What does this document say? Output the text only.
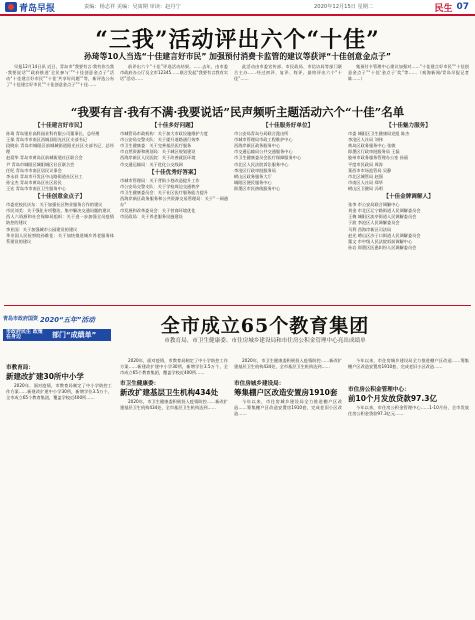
青岛早报	责编：杨志祥 美编：吴寓期 审读：赵丹宁	2020年12月15日 星期二	民生 07
“三我”活动评出六个“十佳”
孙琦等10人当选“十佳建言好市民” 加强预付消费卡监管的建议等获评“十佳创意金点子”

早报12月14日讯 近日，青岛市“我要有言·我有你当我·我要说话”“政府推进‘全民参与’”“十佳创意金点子”活动“十佳建言好市民”“十佳‘共享好问题’”等，新评选公布了“十佳建言好市民”“十佳创意金点子”“十佳……

前评出六个“十佳”评选活动结果。……去年，由市委市政府办公厅及全市12345……联合发起“我要有言我有实话”活动……

此活动由市委宣传部、市民政局、市信访局等部门联合主办……经过初评、复评、终评，最终评出六个“十佳”……

集预付卡管理中心建议加强对……“十佳建言好市民”“十佳创意金点子”“十佳‘金点子’奖”等……（观海新闻/青岛早报记者 陈……）

“我要有言·我有不满·我要说话”民声频听主题活动六个“十佳”名单
【十佳建言好市民】
孙琦 青岛银业高科园业科有限公司董事长、总经理
王保 青岛市市南区西城县阳光社区支部书记
段晓东 青岛市城阳区前城城街道阳光社区支部书记、总经理
赵爱华 青岛市黄岛区前城街道社区联合会
尹 青岛市城阳区城阳城区社区联合会
任纪 青岛市市南区居民议事会
李永祥 青岛市开发区中山路街道社区社工
孙宝杰 青岛市黄岛区社区居民
王宏 青岛市市南区卫生服务中心
【十佳创意金点子】
市委党校民庆东：关于加强社区物业服务合作的建议
市民刘美：关于强化专项整治，集中解决交通问题的建议
西人六资源和社会保障局组织：关于进一步加强全员疫情防控的建议
李业国：关于加强城市公园建设的建议
华业国人民检察院孙维佳：关于加快推进城乡养老服务体系建设的建议
【十佳多好问题】
市城管局市政机构：关于加大市政设施维护力度
市公安局交警支队：关于提升道路通行效率
市卫生健康委：关于完善基层医疗服务
市自然资源和规划局：关于城区规划建设
西海岸新区人民医院：关于改善就医环境
市交通运输局：关于优化公交线网
【十佳优秀好答案】
市城市管理局：关于背街小巷改造提升工作
市公安局交警支队：关于学校周边交通秩序
市卫生健康委员会：关于社区医疗服务能力提升
西海岸新区政务服务和公共资源交易管理局：关于“一网通办”
市发展和改革委员会：关于营商环境优化
市民政局：关于养老服务设施建设
【十佳服务好单位】
市公安局青岛分局联合派出所
市城市管理局市政工程维护中心
西海岸新区政务服务中心
市交通运输局公共交通服务中心
市卫生健康委员会医疗保障服务中心
市北区人民法院诉讼服务中心
李沧区行政审批服务局
崂山区政务服务大厅
城阳区便民服务中心
即墨区市民热线服务中心
【十佳魅力服务】
市委 城阳区卫生健康局党组 陈杰
李沧区人社局 刘伟
黄岛区政务服务中心 张敏
即墨区行政审批服务局 王磊
胶州市政务服务管理办公室 孙丽
平度市民政局 周涛
莱西市市场监管局 吴静
市北区城管局 赵强
市南区人社局 郑华
崂山区卫健局 冯明
【十佳金牌调解人】
张李 市公安局联合调解中心
刘金 市北区辽宁路街道人民调解委员会
王梅 城阳区流亭街道人民调解委员会
于波 李沧区人民调解委员会
马利 西海岸新区司法局
赵光 崂山区沙子口街道人民调解委员会
董文 市中级人民法院诉前调解中心
孙岩 即墨区医患纠纷人民调解委员会
青岛市政府国资 2020“五年”活动
市政府民生 政策在身边	部门“成绩单”	全市成立65个教育集团
市教育局、市卫生健康委、市住房城乡建设局和市住房公积金管理中心亮出成绩单
市教育局：
新建改扩建30所中小学

2020年，面对疫情，市教育局制定了中小学防控工作方案……新建改扩建中小学30所，新增学位3.5万个，全市成立65个教育集团，覆盖学校近400所……

2020年，面对疫情，市教育局制定了中小学防控工作方案……新建改扩建中小学30所，新增学位3.5万个，全市成立65个教育集团，覆盖学校近400所……

市卫生健康委：
新改扩建基层卫生机构434处

2020年，市卫生健康委积极投入疫情防控……新改扩建基层卫生机构434处，全市基层卫生机构达到……

2020年，市卫生健康委积极投入疫情防控……新改扩建基层卫生机构434处，全市基层卫生机构达到……

市住房城乡建设局：
筹集棚户区改造安置房1910套

今年以来，市住房城乡建设局全力推进棚户区改造……筹集棚户区改造安置房1910套，完成老旧小区改造……

今年以来，市住房城乡建设局全力推进棚户区改造……筹集棚户区改造安置房1910套，完成老旧小区改造……

市住房公积金管理中心：
前10个月发放贷款97.3亿

今年以来，市住房公积金管理中心……1-10月份，全市发放住房公积金贷款97.3亿元……
